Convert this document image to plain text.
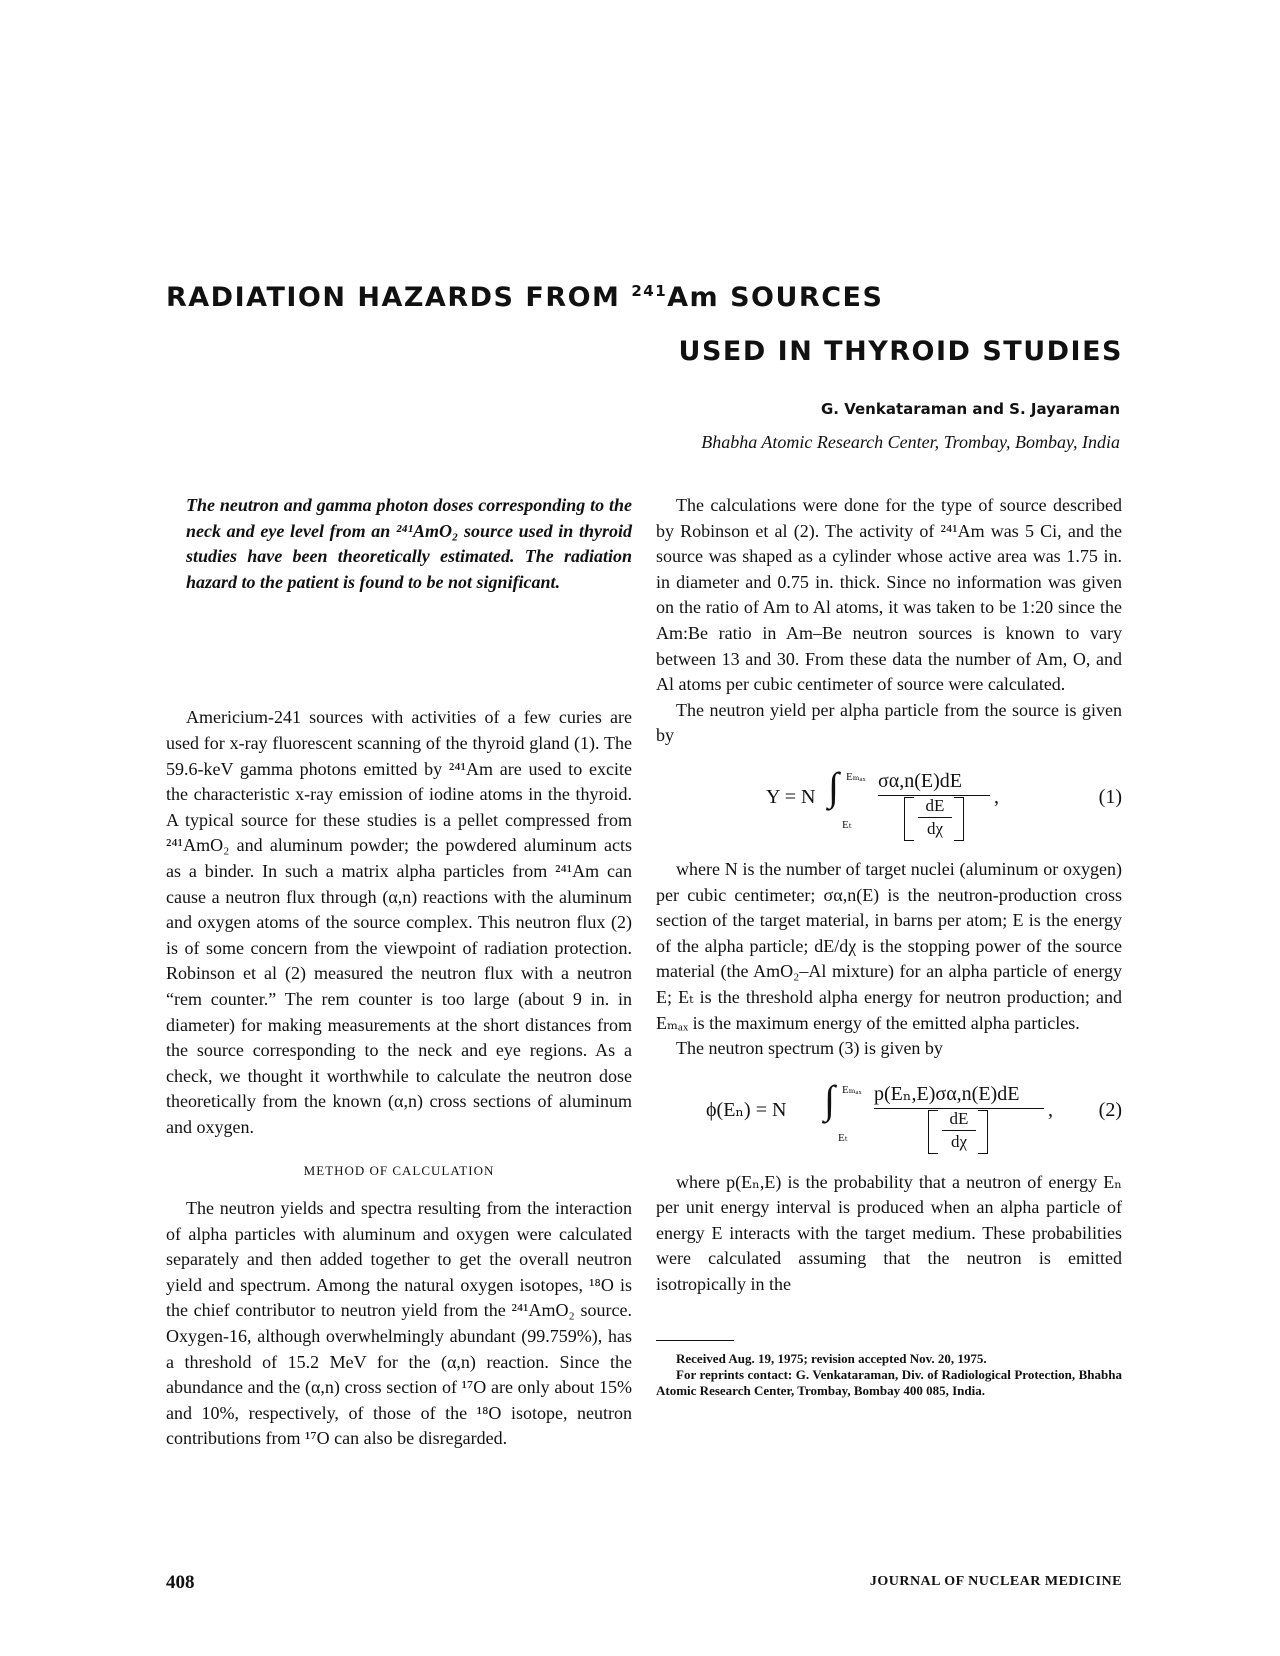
RADIATION HAZARDS FROM $^{241}$Am SOURCES
USED IN THYROID STUDIES
G. Venkataraman and S. Jayaraman
Bhabha Atomic Research Center, Trombay, Bombay, India
The neutron and gamma photon doses corresponding to the neck and eye level from an ²⁴¹AmO₂ source used in thyroid studies have been theoretically estimated. The radiation hazard to the patient is found to be not significant.

Americium-241 sources with activities of a few curies are used for x-ray fluorescent scanning of the thyroid gland (1). The 59.6-keV gamma photons emitted by ²⁴¹Am are used to excite the characteristic x-ray emission of iodine atoms in the thyroid. A typical source for these studies is a pellet compressed from ²⁴¹AmO₂ and aluminum powder; the powdered aluminum acts as a binder. In such a matrix alpha particles from ²⁴¹Am can cause a neutron flux through (α,n) reactions with the aluminum and oxygen atoms of the source complex. This neutron flux (2) is of some concern from the viewpoint of radiation protection. Robinson et al (2) measured the neutron flux with a neutron “rem counter.” The rem counter is too large (about 9 in. in diameter) for making measurements at the short distances from the source corresponding to the neck and eye regions. As a check, we thought it worthwhile to calculate the neutron dose theoretically from the known (α,n) cross sections of aluminum and oxygen.

METHOD OF CALCULATION

The neutron yields and spectra resulting from the interaction of alpha particles with aluminum and oxygen were calculated separately and then added together to get the overall neutron yield and spectrum. Among the natural oxygen isotopes, ¹⁸O is the chief contributor to neutron yield from the ²⁴¹AmO₂ source. Oxygen-16, although overwhelmingly abundant (99.759%), has a threshold of 15.2 MeV for the (α,n) reaction. Since the abundance and the (α,n) cross section of ¹⁷O are only about 15% and 10%, respectively, of those of the ¹⁸O isotope, neutron contributions from ¹⁷O can also be disregarded.

The calculations were done for the type of source described by Robinson et al (2). The activity of ²⁴¹Am was 5 Ci, and the source was shaped as a cylinder whose active area was 1.75 in. in diameter and 0.75 in. thick. Since no information was given on the ratio of Am to Al atoms, it was taken to be 1:20 since the Am:Be ratio in Am–Be neutron sources is known to vary between 13 and 30. From these data the number of Am, O, and Al atoms per cubic centimeter of source were calculated.

The neutron yield per alpha particle from the source is given by

Y = N ∫ Eₘₐₓ
Eₜ
σα,n(E)dE
dE
dχ
,	(1)

where N is the number of target nuclei (aluminum or oxygen) per cubic centimeter; σα,n(E) is the neutron-production cross section of the target material, in barns per atom; E is the energy of the alpha particle; dE/dχ is the stopping power of the source material (the AmO₂–Al mixture) for an alpha particle of energy E; Eₜ is the threshold alpha energy for neutron production; and Eₘₐₓ is the maximum energy of the emitted alpha particles.

The neutron spectrum (3) is given by

ϕ(Eₙ) = N ∫ Eₘₐₓ
Eₜ
p(Eₙ,E)σα,n(E)dE
dE
dχ
, (2)

where p(Eₙ,E) is the probability that a neutron of energy Eₙ per unit energy interval is produced when an alpha particle of energy E interacts with the target medium. These probabilities were calculated assuming that the neutron is emitted isotropically in the

Received Aug. 19, 1975; revision accepted Nov. 20, 1975.
For reprints contact: G. Venkataraman, Div. of Radiological Protection, Bhabha Atomic Research Center, Trombay, Bombay 400 085, India.
408	JOURNAL OF NUCLEAR MEDICINE
